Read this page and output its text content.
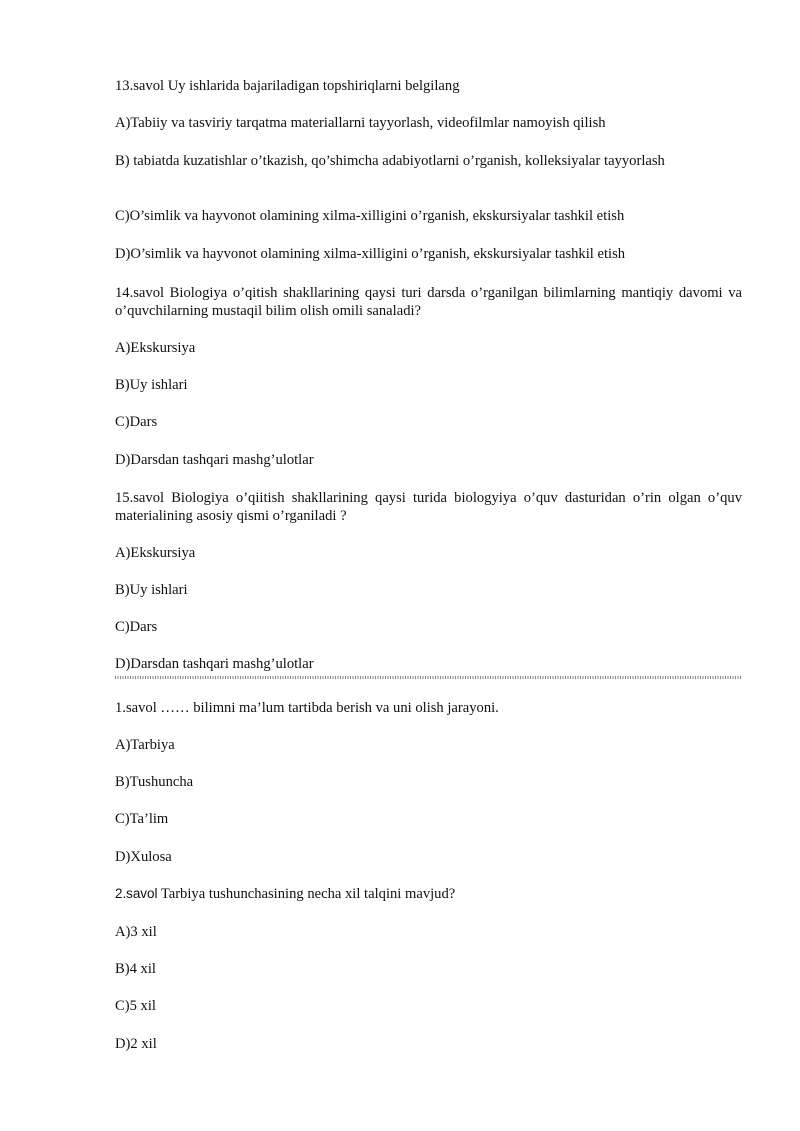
13.savol Uy ishlarida bajariladigan topshiriqlarni belgilang
A)Tabiiy va tasviriy tarqatma materiallarni tayyorlash, videofilmlar namoyish qilish
B) tabiatda kuzatishlar o’tkazish, qo’shimcha adabiyotlarni o’rganish, kolleksiyalar tayyorlash
C)O’simlik va hayvonot olamining xilma-xilligini o’rganish, ekskursiyalar tashkil etish
D)O’simlik va hayvonot olamining xilma-xilligini o’rganish, ekskursiyalar tashkil etish
14.savol Biologiya o’qitish shakllarining qaysi turi darsda o’rganilgan bilimlarning mantiqiy davomi va o’quvchilarning mustaqil bilim olish omili sanaladi?
A)Ekskursiya
B)Uy ishlari
C)Dars
D)Darsdan tashqari mashg’ulotlar
15.savol Biologiya o’qiitish shakllarining qaysi turida biologyiya o’quv dasturidan o’rin olgan o’quv materialining asosiy qismi o’rganiladi ?
A)Ekskursiya
B)Uy ishlari
C)Dars
D)Darsdan tashqari mashg’ulotlar
1.savol …… bilimni ma’lum tartibda berish va uni olish jarayoni.
A)Tarbiya
B)Tushuncha
C)Ta’lim
D)Xulosa
2.savol Tarbiya tushunchasining necha xil talqini mavjud?
A)3 xil
B)4 xil
C)5 xil
D)2 xil
